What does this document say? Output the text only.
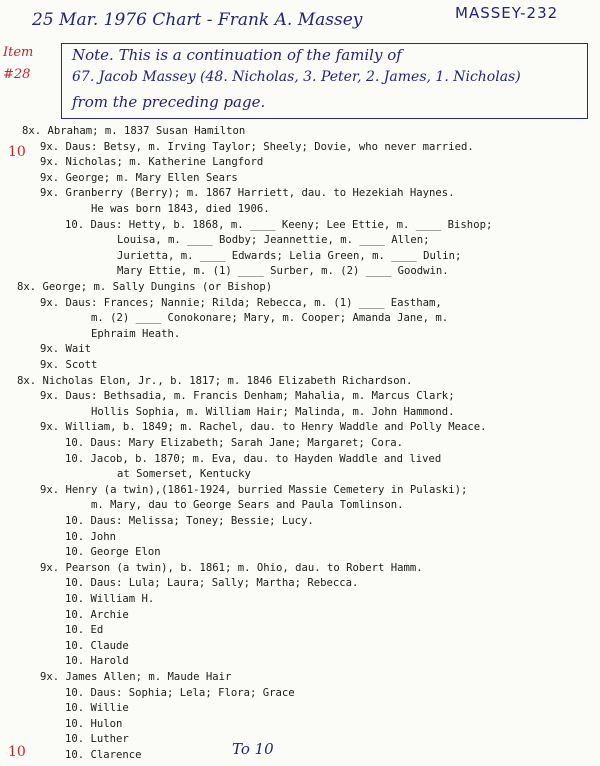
25 Mar. 1976 Chart - Frank A. Massey	MASSEY-232
Item #28
10
Note. This is a continuation of the family of
67. Jacob Massey (48. Nicholas, 3. Peter, 2. James, 1. Nicholas)
from the preceding page.
8x. Abraham; m. 1837 Susan Hamilton
9x. Daus: Betsy, m. Irving Taylor; Sheely; Dovie, who never married.
9x. Nicholas; m. Katherine Langford
9x. George; m. Mary Ellen Sears
9x. Granberry (Berry); m. 1867 Harriett, dau. to Hezekiah Haynes.
He was born 1843, died 1906.
10. Daus: Hetty, b. 1868, m. ____ Keeny; Lee Ettie, m. ____ Bishop;
Louisa, m. ____ Bodby; Jeannettie, m. ____ Allen;
Jurietta, m. ____ Edwards; Lelia Green, m. ____ Dulin;
Mary Ettie, m. (1) ____ Surber, m. (2) ____ Goodwin.
8x. George; m. Sally Dungins (or Bishop)
9x. Daus: Frances; Nannie; Rilda; Rebecca, m. (1) ____ Eastham,
m. (2) ____ Conokonare; Mary, m. Cooper; Amanda Jane, m.
Ephraim Heath.
9x. Wait
9x. Scott
8x. Nicholas Elon, Jr., b. 1817; m. 1846 Elizabeth Richardson.
9x. Daus: Bethsadia, m. Francis Denham; Mahalia, m. Marcus Clark;
Hollis Sophia, m. William Hair; Malinda, m. John Hammond.
9x. William, b. 1849; m. Rachel, dau. to Henry Waddle and Polly Meace.
10. Daus: Mary Elizabeth; Sarah Jane; Margaret; Cora.
10. Jacob, b. 1870; m. Eva, dau. to Hayden Waddle and lived
at Somerset, Kentucky
9x. Henry (a twin),(1861-1924, burried Massie Cemetery in Pulaski);
m. Mary, dau to George Sears and Paula Tomlinson.
10. Daus: Melissa; Toney; Bessie; Lucy.
10. John
10. George Elon
9x. Pearson (a twin), b. 1861; m. Ohio, dau. to Robert Hamm.
10. Daus: Lula; Laura; Sally; Martha; Rebecca.
10. William H.
10. Archie
10. Ed
10. Claude
10. Harold
9x. James Allen; m. Maude Hair
10. Daus: Sophia; Lela; Flora; Grace
10. Willie
10. Hulon
10. Luther
10. Clarence
10	To 10
